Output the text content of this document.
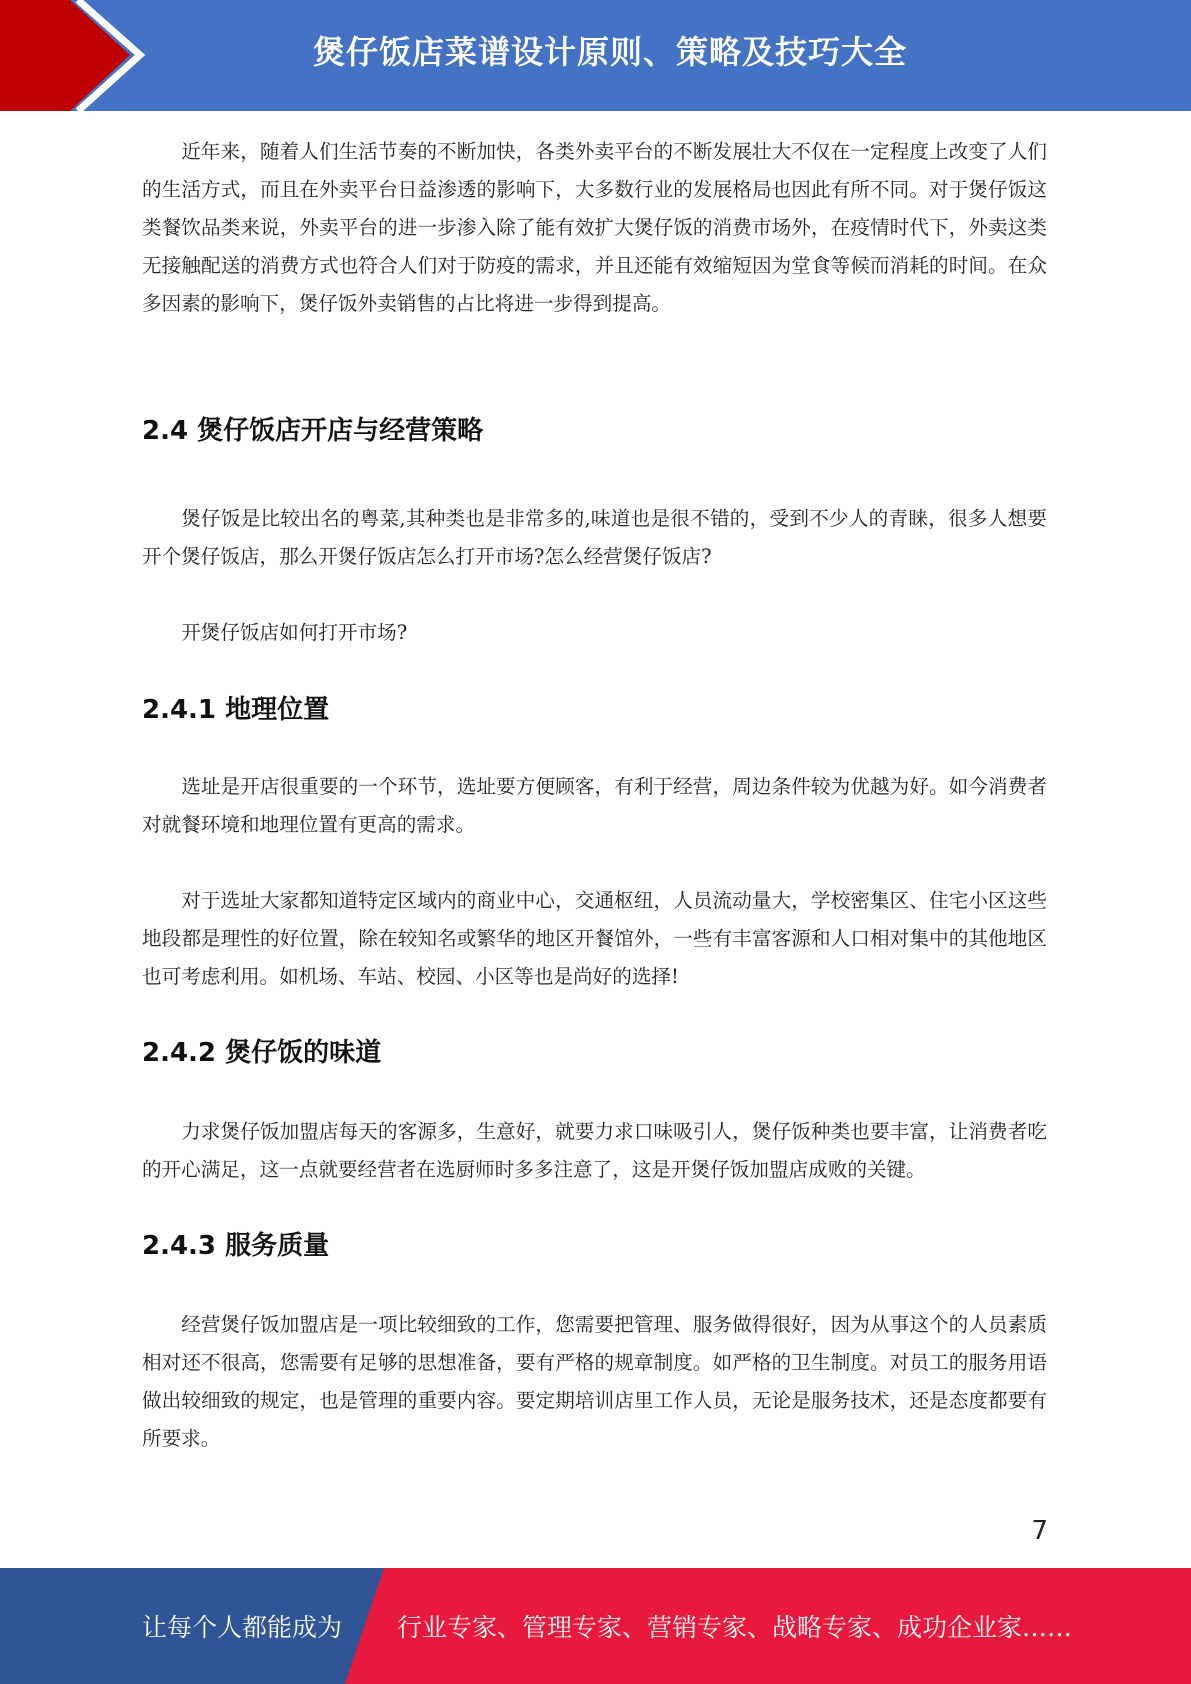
煲仔饭店菜谱设计原则、策略及技巧大全

近年来，随着人们生活节奏的不断加快，各类外卖平台的不断发展壮大不仅在一定程度上改变了人们的生活方式，而且在外卖平台日益渗透的影响下，大多数行业的发展格局也因此有所不同。对于煲仔饭这类餐饮品类来说，外卖平台的进一步渗入除了能有效扩大煲仔饭的消费市场外，在疫情时代下，外卖这类无接触配送的消费方式也符合人们对于防疫的需求，并且还能有效缩短因为堂食等候而消耗的时间。在众多因素的影响下，煲仔饭外卖销售的占比将进一步得到提高。

2.4 煲仔饭店开店与经营策略

煲仔饭是比较出名的粤菜,其种类也是非常多的,味道也是很不错的，受到不少人的青睐，很多人想要开个煲仔饭店，那么开煲仔饭店怎么打开市场?怎么经营煲仔饭店?

开煲仔饭店如何打开市场?

2.4.1 地理位置

选址是开店很重要的一个环节，选址要方便顾客，有利于经营，周边条件较为优越为好。如今消费者对就餐环境和地理位置有更高的需求。

对于选址大家都知道特定区域内的商业中心，交通枢纽，人员流动量大，学校密集区、住宅小区这些地段都是理性的好位置，除在较知名或繁华的地区开餐馆外，一些有丰富客源和人口相对集中的其他地区也可考虑利用。如机场、车站、校园、小区等也是尚好的选择!

2.4.2 煲仔饭的味道

力求煲仔饭加盟店每天的客源多，生意好，就要力求口味吸引人，煲仔饭种类也要丰富，让消费者吃的开心满足，这一点就要经营者在选厨师时多多注意了，这是开煲仔饭加盟店成败的关键。

2.4.3 服务质量

经营煲仔饭加盟店是一项比较细致的工作，您需要把管理、服务做得很好，因为从事这个的人员素质相对还不很高，您需要有足够的思想准备，要有严格的规章制度。如严格的卫生制度。对员工的服务用语做出较细致的规定，也是管理的重要内容。要定期培训店里工作人员，无论是服务技术，还是态度都要有所要求。

7
让每个人都能成为 行业专家、管理专家、营销专家、战略专家、成功企业家……
